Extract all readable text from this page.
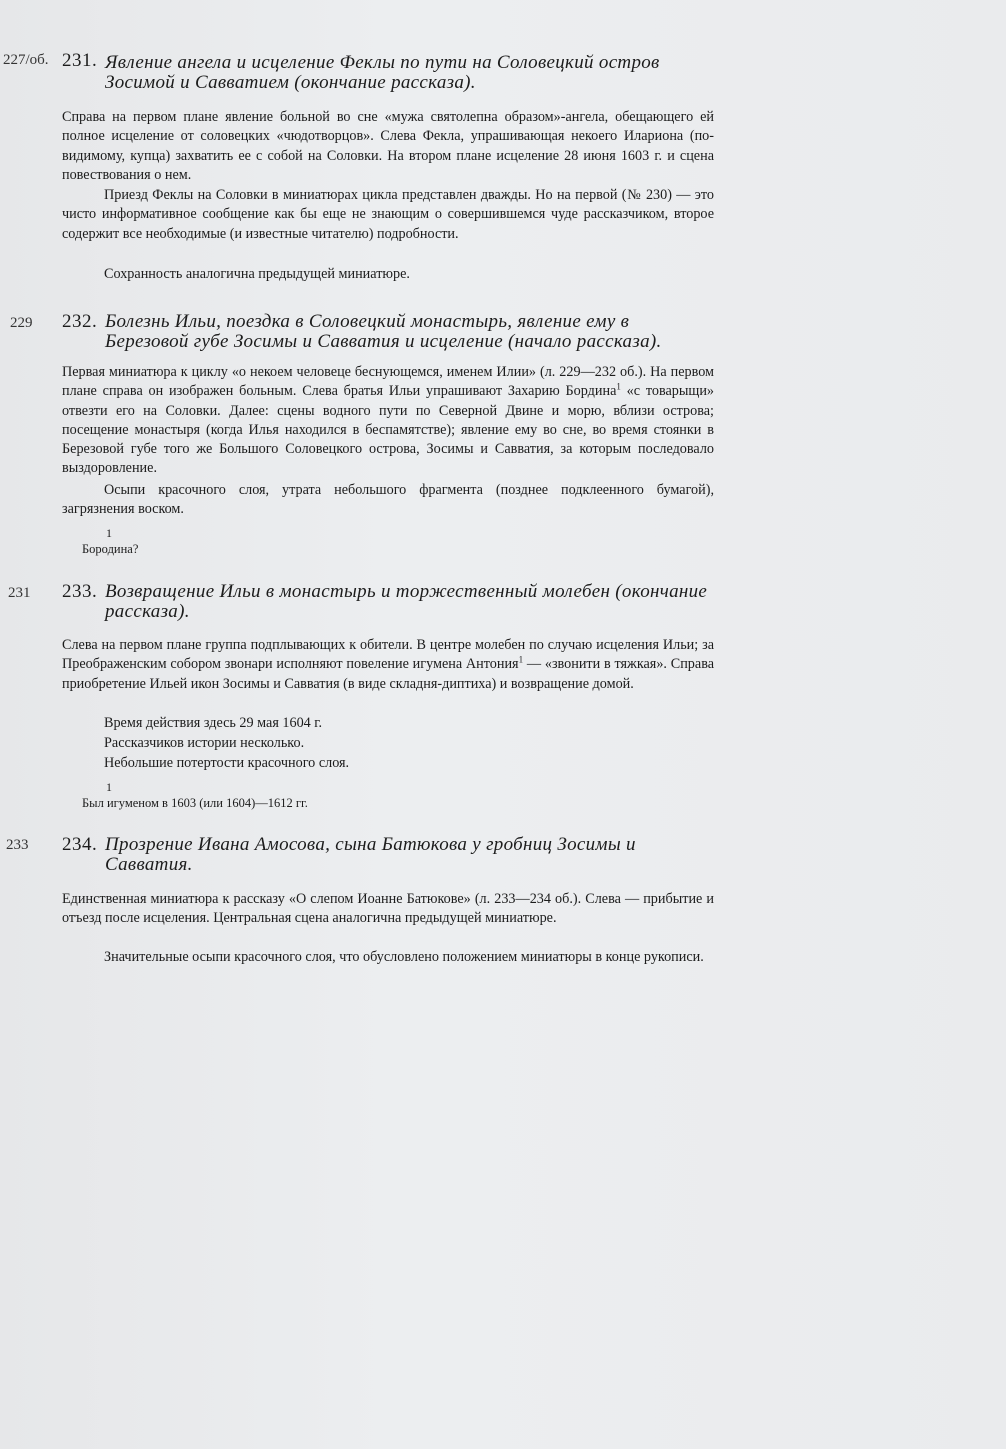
227/об. 231. Явление ангела и исцеление Феклы по пути на Соловецкий остров Зосимой и Савватием (окончание рассказа).
Справа на первом плане явление больной во сне «мужа святолепна образом»-ангела, обещающего ей полное исцеление от соловецких «чюдотворцов». Слева Фекла, упрашивающая некоего Илариона (по-видимому, купца) захватить ее с собой на Соловки. На втором плане исцеление 28 июня 1603 г. и сцена повествования о нем.
Приезд Феклы на Соловки в миниатюрах цикла представлен дважды. Но на первой (№ 230) — это чисто информативное сообщение как бы еще не знающим о совершившемся чуде рассказчиком, второе содержит все необходимые (и известные читателю) подробности.
Сохранность аналогична предыдущей миниатюре.
229 232. Болезнь Ильи, поездка в Соловецкий монастырь, явление ему в Березовой губе Зосимы и Савватия и исцеление (начало рассказа).
Первая миниатюра к циклу «о некоем человеце беснующемся, именем Илии» (л. 229—232 об.). На первом плане справа он изображен больным. Слева братья Ильи упрашивают Захарию Бордина$^1$ «с товарыщи» отвезти его на Соловки. Далее: сцены водного пути по Северной Двине и морю, вблизи острова; посещение монастыря (когда Илья находился в беспамятстве); явление ему во сне, во время стоянки в Березовой губе того же Большого Соловецкого острова, Зосимы и Савватия, за которым последовало выздоровление.
Осыпи красочного слоя, утрата небольшого фрагмента (позднее подклеенного бумагой), загрязнения воском.
1
Бородина?
231 233. Возвращение Ильи в монастырь и торжественный молебен (окончание рассказа).
Слева на первом плане группа подплывающих к обители. В центре молебен по случаю исцеления Ильи; за Преображенским собором звонари исполняют повеление игумена Антония$^1$ — «звонити в тяжкая». Справа приобретение Ильей икон Зосимы и Савватия (в виде складня-диптиха) и возвращение домой.
Время действия здесь 29 мая 1604 г.
Рассказчиков истории несколько.
Небольшие потертости красочного слоя.
1
Был игуменом в 1603 (или 1604)—1612 гг.
233 234. Прозрение Ивана Амосова, сына Батюкова у гробниц Зосимы и Савватия.
Единственная миниатюра к рассказу «О слепом Иоанне Батюкове» (л. 233—234 об.). Слева — прибытие и отъезд после исцеления. Центральная сцена аналогична предыдущей миниатюре.
Значительные осыпи красочного слоя, что обусловлено положением миниатюры в конце рукописи.
